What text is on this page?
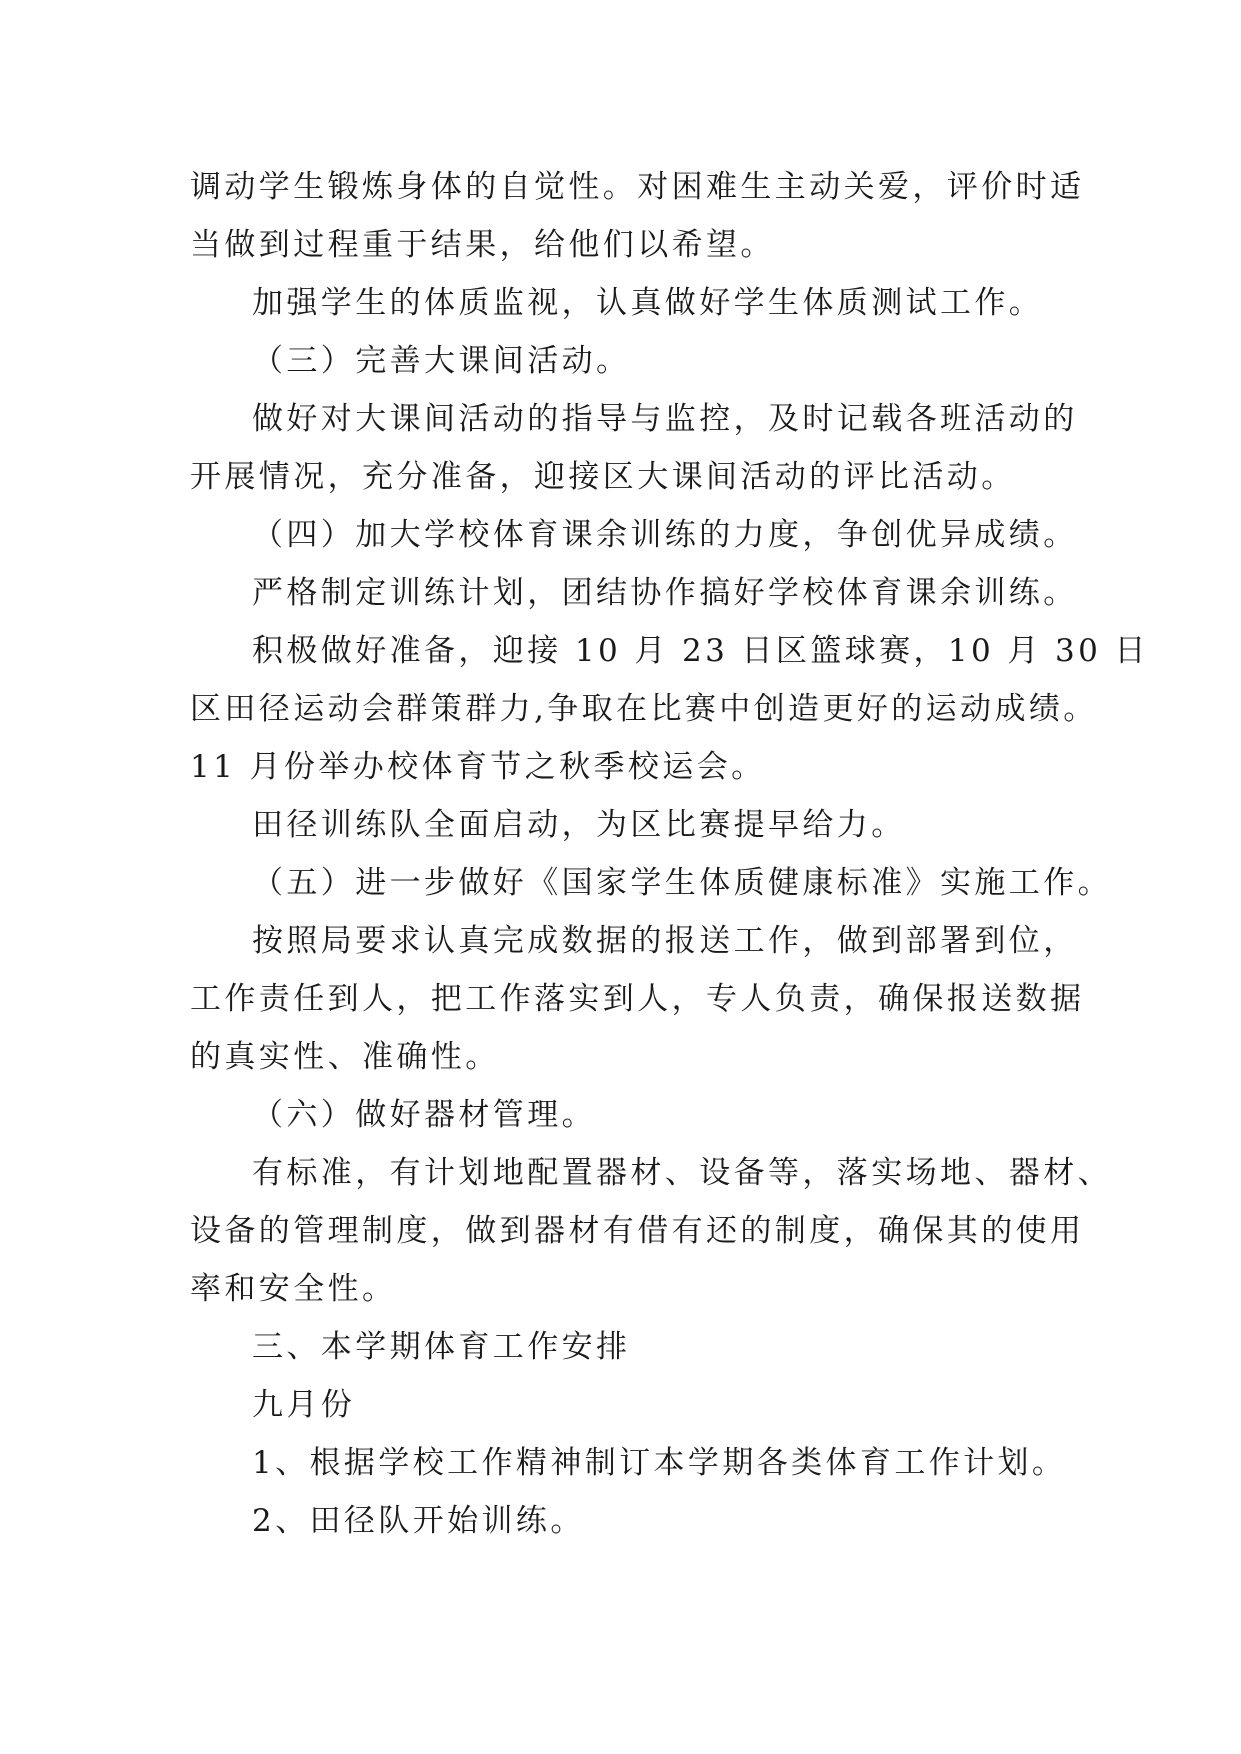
调动学生锻炼身体的自觉性。对困难生主动关爱，评价时适

当做到过程重于结果，给他们以希望。

加强学生的体质监视，认真做好学生体质测试工作。

（三）完善大课间活动。

做好对大课间活动的指导与监控，及时记载各班活动的

开展情况，充分准备，迎接区大课间活动的评比活动。

（四）加大学校体育课余训练的力度，争创优异成绩。

严格制定训练计划，团结协作搞好学校体育课余训练。

积极做好准备，迎接 10 月 23 日区篮球赛，10 月 30 日

区田径运动会群策群力,争取在比赛中创造更好的运动成绩。

11 月份举办校体育节之秋季校运会。

田径训练队全面启动，为区比赛提早给力。

（五）进一步做好《国家学生体质健康标准》实施工作。

按照局要求认真完成数据的报送工作，做到部署到位，

工作责任到人，把工作落实到人，专人负责，确保报送数据

的真实性、准确性。

（六）做好器材管理。

有标准，有计划地配置器材、设备等，落实场地、器材、

设备的管理制度，做到器材有借有还的制度，确保其的使用

率和安全性。

三、本学期体育工作安排

九月份

1、根据学校工作精神制订本学期各类体育工作计划。

2、田径队开始训练。
